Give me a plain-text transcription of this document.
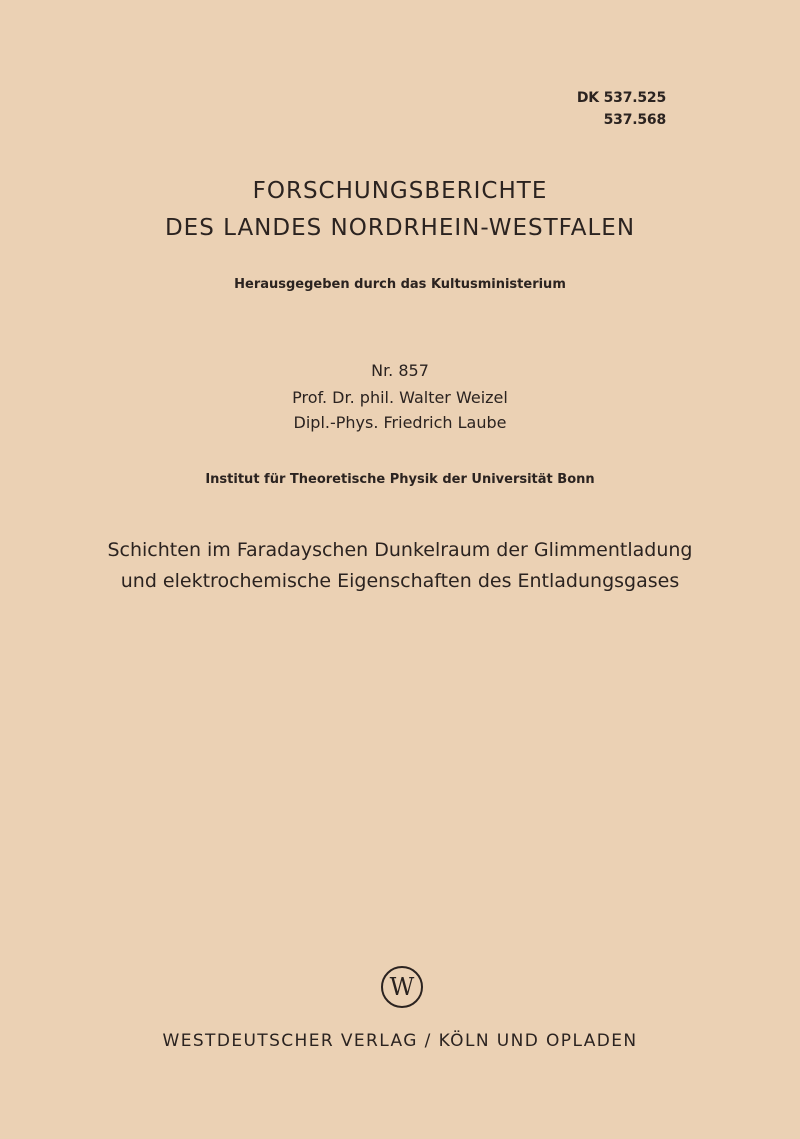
DK 537.525
537.568
FORSCHUNGSBERICHTE
DES LANDES NORDRHEIN-WESTFALEN
Herausgegeben durch das Kultusministerium
Nr. 857
Prof. Dr. phil. Walter Weizel
Dipl.-Phys. Friedrich Laube
Institut für Theoretische Physik der Universität Bonn
Schichten im Faradayschen Dunkelraum der Glimmentladung
und elektrochemische Eigenschaften des Entladungsgases
W
WESTDEUTSCHER VERLAG / KÖLN UND OPLADEN
